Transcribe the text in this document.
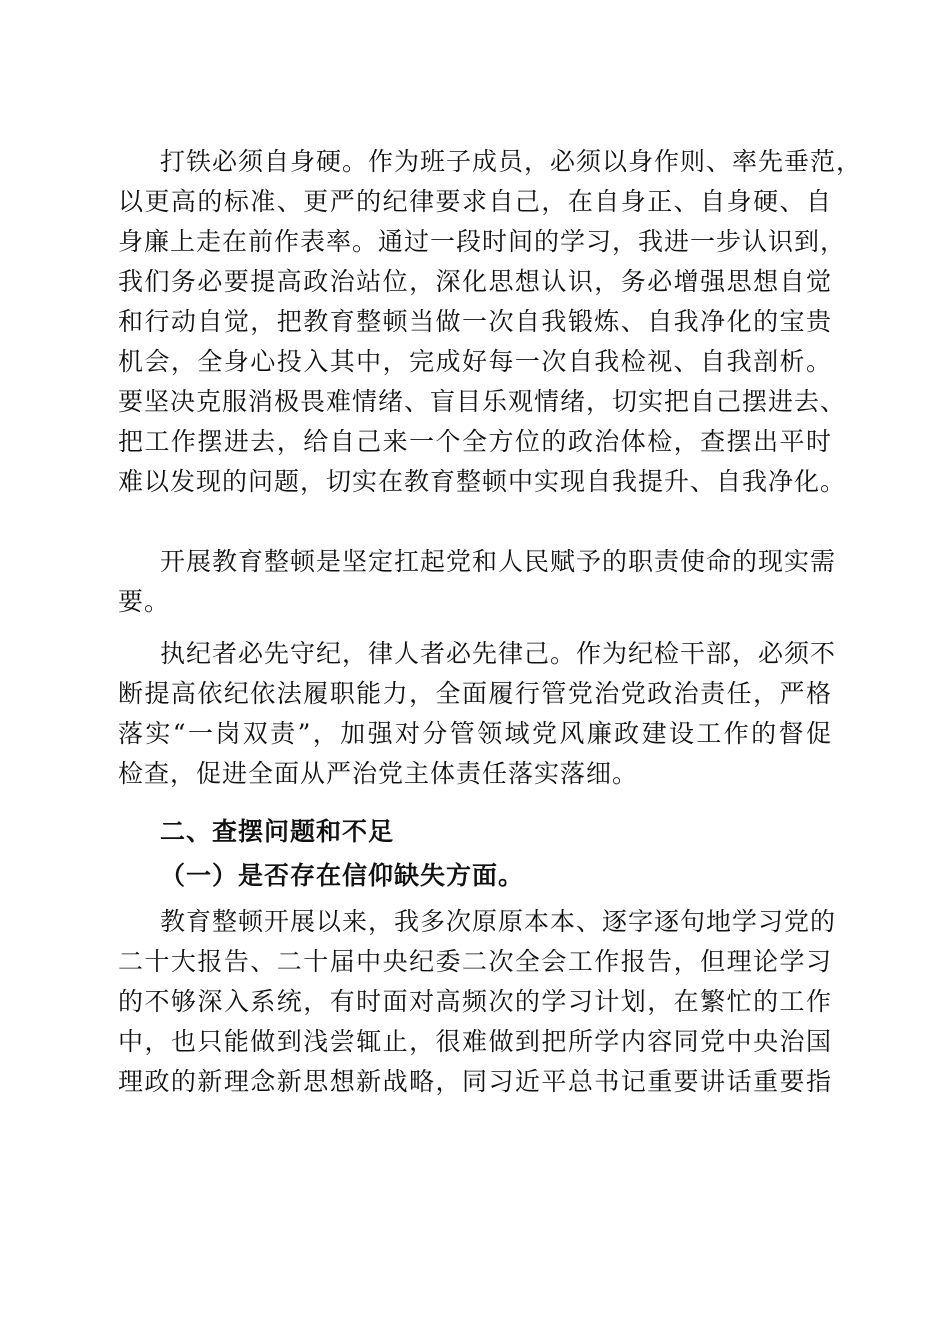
打铁必须自身硬。作为班子成员，必须以身作则、率先垂范，
以更高的标准、更严的纪律要求自己，在自身正、自身硬、自
身廉上走在前作表率。通过一段时间的学习，我进一步认识到，
我们务必要提高政治站位，深化思想认识，务必增强思想自觉
和行动自觉，把教育整顿当做一次自我锻炼、自我净化的宝贵
机会，全身心投入其中，完成好每一次自我检视、自我剖析。
要坚决克服消极畏难情绪、盲目乐观情绪，切实把自己摆进去、
把工作摆进去，给自己来一个全方位的政治体检，查摆出平时
难以发现的问题，切实在教育整顿中实现自我提升、自我净化。
开展教育整顿是坚定扛起党和人民赋予的职责使命的现实需
要。
执纪者必先守纪，律人者必先律己。作为纪检干部，必须不
断提高依纪依法履职能力，全面履行管党治党政治责任，严格
落实“一岗双责”，加强对分管领域党风廉政建设工作的督促
检查，促进全面从严治党主体责任落实落细。
二、查摆问题和不足
（一）是否存在信仰缺失方面。
教育整顿开展以来，我多次原原本本、逐字逐句地学习党的
二十大报告、二十届中央纪委二次全会工作报告，但理论学习
的不够深入系统，有时面对高频次的学习计划，在繁忙的工作
中，也只能做到浅尝辄止，很难做到把所学内容同党中央治国
理政的新理念新思想新战略，同习近平总书记重要讲话重要指
